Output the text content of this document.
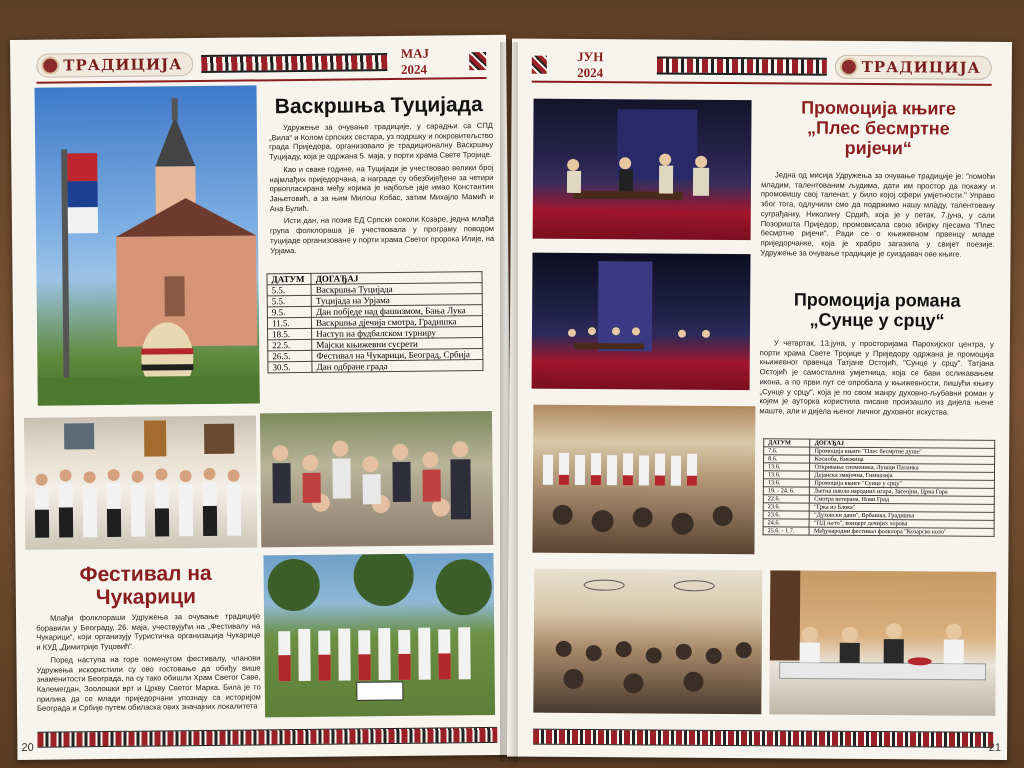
ТРАДИЦИЈА
МАЈ 2024
Васкршња Туцијада

Удружење за очување традиције, у сарадњи са СПД „Вила“ и Колом српских сестара, уз подршку и покровитељство града Приједора, организовало је традиционалну Васкршњу Туцијаду, која је одржана 5. маја, у порти храма Свете Тројице.

Као и сваке године, на Туцијади је учествовао велики број најмлађих приједорчана, а награде су обезбијеђене за четири првопласирана међу којима је најбоље јаје имао Константин Јањетовић, а за њим Милош Кобас, затим Михајло Мамић и Ана Булић.

Исти дан, на позив ЕД Српски соколи Козаре, једна млађа група фолклораша је учествовала у програму поводом туцијаде организоване у порти храма Светог пророка Илије, на Урјама.

ДАТУМ	ДОГАЂАЈ
5.5.	Васкршња Туцијада
5.5.	Туцијада на Урјама
9.5.	Дан побједе над фашизмом, Бања Лука
11.5.	Васкршња дјечија смотра, Градишка
18.5.	Наступ на фудбалском турниру
22.5.	Мајски књижевни сусрети
26.5.	Фестивал на Чукарици, Београд, Србија
30.5.	Дан одбране града
Фестивал на
Чукарици

Млађи фолклораши Удружења за очување традиције боравили у Београду, 26. маја, учествујући на „Фестивалу на Чукарици“, који организују Туристичка организација Чукарице и КУД „Димитрије Туцовић“.

Поред наступа на горе поменутом фестивалу, чланови Удружења искористили су ово гостовање да обиђу више знаменитости Београда, па су тако обишли Храм Светог Саве, Калемегдан, Зоолошки врт и Цркву Светог Марка. Била је то прилика да се млади приједорчани упознају са историјом Београда и Србије путем обиласка ових значајних локалитета

20
ЈУН 2024	ТРАДИЦИЈА
Промоција књиге
„Плес бесмртне
ријечи“

Једна од мисија Удружења за очување традиције је: "помоћи младим, талентованим људима, дати им простор да покажу и промовишу свој таленат, у било којој сфери умјетности." Управо због тога, одлучили смо да подржимо нашу младу, талентовану суграђанку, Николину Срдић, која је у петак, 7.јуна, у сали Позоришта Приједор, промовисала свою збирку пјесама "Плес бесмртне ријечи". Ради се о књижевном првенцу младе приједорчанке, која је храбро загазила у свијет поезије. Удружење за очување традиције је суиздавач ове књиге.

Промоција романа
„Сунце у срцу“

У четвртак, 13.јуна, у просторијама Парохијског центра, у порти храма Свете Тројице у Приједору одржана је промоција књижевног првенца Татјане Остојић, "Сунце у срцу". Татјана Остојић је самостална умјетница, која се бави осликавањем икона, а по први пут се опробала у књижевности, пишући књигу „Сунце у срцу“, која је по свом жанру духовно-љубавни роман у којем је ауторка користила писане произашло из дијела њене маште, али и дијела њеног личног духовног искуства.

ДАТУМ	ДОГАЂАЈ
7.6.	Промоција књиге "Плес бесмртне душе"
8.6.	Косиоба, Кнежица
13.6.	Откривање спомeника, Лушци Паланка
13.6.	Дејанска змијочна, Гимназија
13.6.	Промоција књиге "Сунце у срцу"
19. - 24. 6.	Љетна школа народних игара, Засеојни, Црна Гора
22.6.	Смотра ветерана, Нови Град
23.6.	"Грка из Блока"
23.6.	"Духовски дани", Врбашка, Градишка
24.6.	"ПД љето", концерт дечијих хорова
25.6. - 1.7.	Међународни фестивал фолклора "Козарско коло"
21
